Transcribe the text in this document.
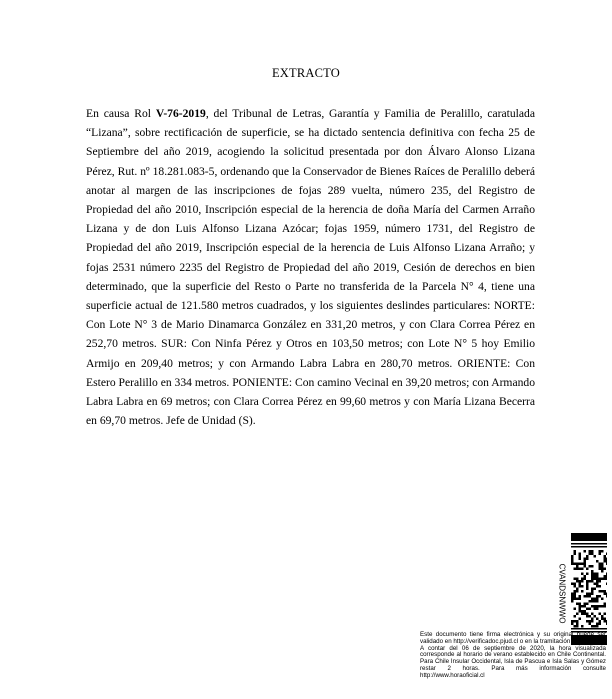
EXTRACTO
En causa Rol V-76-2019, del Tribunal de Letras, Garantía y Familia de Peralillo, caratulada “Lizana”, sobre rectificación de superficie, se ha dictado sentencia definitiva con fecha 25 de Septiembre del año 2019, acogiendo la solicitud presentada por don Álvaro Alonso Lizana Pérez, Rut. nº 18.281.083-5, ordenando que la Conservador de Bienes Raíces de Peralillo deberá anotar al margen de las inscripciones de fojas 289 vuelta, número 235, del Registro de Propiedad del año 2010, Inscripción especial de la herencia de doña María del Carmen Arraño Lizana y de don Luis Alfonso Lizana Azócar; fojas 1959, número 1731, del Registro de Propiedad del año 2019, Inscripción especial de la herencia de Luis Alfonso Lizana Arraño; y fojas 2531 número 2235 del Registro de Propiedad del año 2019, Cesión de derechos en bien determinado, que la superficie del Resto o Parte no transferida de la Parcela N° 4, tiene una superficie actual de 121.580 metros cuadrados, y los siguientes deslindes particulares: NORTE: Con Lote N° 3 de Mario Dinamarca González en 331,20 metros, y con Clara Correa Pérez en 252,70 metros. SUR: Con Ninfa Pérez y Otros en 103,50 metros; con Lote N° 5 hoy Emilio Armijo en 209,40 metros; y con Armando Labra Labra en 280,70 metros. ORIENTE: Con Estero Peralillo en 334 metros. PONIENTE: Con camino Vecinal en 39,20 metros; con Armando Labra Labra en 69 metros; con Clara Correa Pérez en 99,60 metros y con María Lizana Becerra en 69,70 metros. Jefe de Unidad (S).
CVANDSNWWO

Este documento tiene firma electrónica y su original puede ser validado en http://verificadoc.pjud.cl o en la tramitación de la causa.

A contar del 06 de septiembre de 2020, la hora visualizada corresponde al horario de verano establecido en Chile Continental. Para Chile Insular Occidental, Isla de Pascua e Isla Salas y Gómez restar 2 horas. Para más información consulte http://www.horaoficial.cl
